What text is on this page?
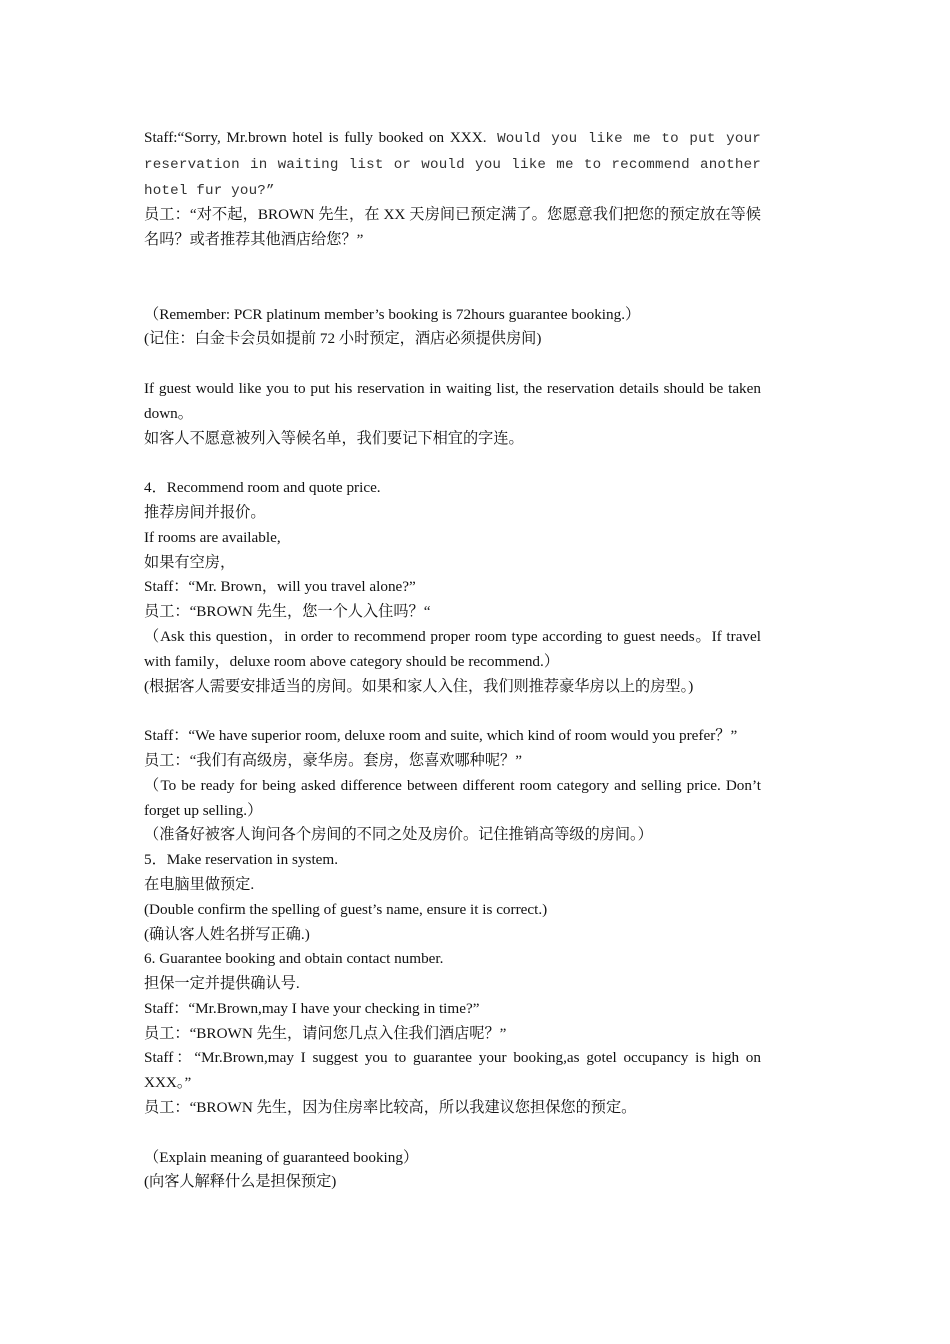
Staff:“Sorry, Mr.brown hotel is fully booked on XXX. Would you like me to put your reservation in waiting list or would you like me to recommend another hotel fur you?”

员工：“对不起，BROWN 先生，在 XX 天房间已预定满了。您愿意我们把您的预定放在等候名吗？或者推荐其他酒店给您？”

（Remember: PCR platinum member’s booking is 72hours guarantee booking.）

(记住：白金卡会员如提前 72 小时预定，酒店必须提供房间)

If guest would like you to put his reservation in waiting list, the reservation details should be taken down。

如客人不愿意被列入等候名单，我们要记下相宜的字连。

4．Recommend room and quote price.

推荐房间并报价。

If rooms are available,

如果有空房，

Staff：“Mr. Brown，will you travel alone?”

员工：“BROWN 先生，您一个人入住吗？“

（Ask this question，in order to recommend proper room type according to guest needs。If travel with family，deluxe room above category should be recommend.）

(根据客人需要安排适当的房间。如果和家人入住，我们则推荐豪华房以上的房型。)

Staff：“We have superior room, deluxe room and suite, which kind of room would you prefer？”

员工：“我们有高级房，豪华房。套房，您喜欢哪种呢？”

（To be ready for being asked difference between different room category and selling price. Don’t forget up selling.）

（准备好被客人询问各个房间的不同之处及房价。记住推销高等级的房间。）

5．Make reservation in system.

在电脑里做预定.

(Double confirm the spelling of guest’s name, ensure it is correct.)

(确认客人姓名拼写正确.)

6. Guarantee booking and obtain contact number.

担保一定并提供确认号.

Staff：“Mr.Brown,may I have your checking in time?”

员工：“BROWN 先生，请问您几点入住我们酒店呢？”

Staff：“Mr.Brown,may I suggest you to guarantee your booking,as gotel occupancy is high on XXX。”

员工：“BROWN 先生，因为住房率比较高，所以我建议您担保您的预定。

（Explain meaning of guaranteed booking）

(向客人解释什么是担保预定)
